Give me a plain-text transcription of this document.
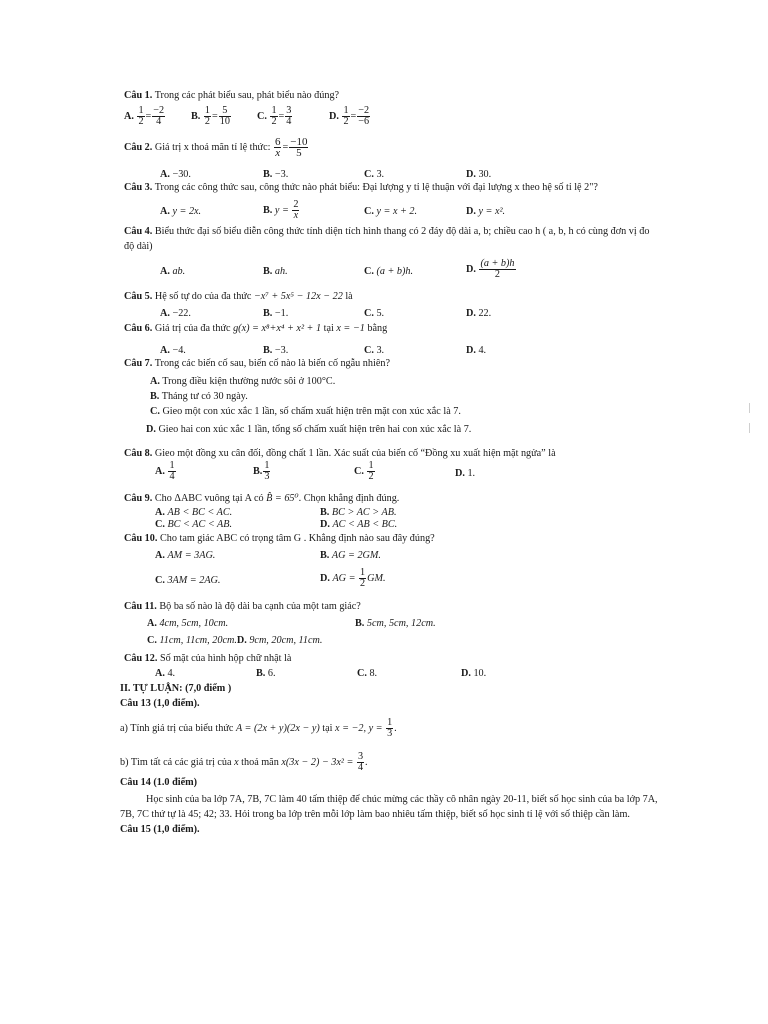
Câu 1. Trong các phát biểu sau, phát biểu nào đúng?
A. $\frac{1}{2} = \frac{-2}{4}$	B. $\frac{1}{2} = \frac{5}{10}$	C. $\frac{1}{2} = \frac{3}{4}$	D. $\frac{1}{2} = \frac{-2}{-6}$
Câu 2. Giá trị x thoả mãn tỉ lệ thức: $\frac{6}{x} = \frac{-10}{5}$
A. −30.	B. −3.	C. 3.	D. 30.
Câu 3. Trong các công thức sau, công thức nào phát biểu: Đại lượng y tỉ lệ thuận với đại lượng x theo hệ số tỉ lệ 2"?
A. y = 2x.	B. $y = \frac{2}{x}$	C. y = x + 2.	D. y = x².
Câu 4. Biểu thức đại số biểu diễn công thức tính diện tích hình thang có 2 đáy độ dài a, b; chiều cao h ( a, b, h có cùng đơn vị đo
độ dài)
A. ab.	B. ah.	C. (a + b)h.	D. $\frac{(a + b)h}{2}$
Câu 5. Hệ số tự do của đa thức −x⁷ + 5x⁵ − 12x − 22 là
A. −22.	B. −1.	C. 5.	D. 22.
Câu 6. Giá trị của đa thức g(x) = x⁸+x⁴ + x² + 1 tại x = −1 bằng
A. −4.	B. −3.	C. 3.	D. 4.
Câu 7. Trong các biến cố sau, biến cố nào là biến cố ngẫu nhiên?
A. Trong điều kiện thường nước sôi ở 100°C.
B. Tháng tư có 30 ngày.
C. Gieo một con xúc xắc 1 lần, số chấm xuất hiện trên mặt con xúc xắc là 7.
D. Gieo hai con xúc xắc 1 lần, tổng số chấm xuất hiện trên hai con xúc xắc là 7.
Câu 8. Gieo một đồng xu cân đối, đồng chất 1 lần. Xác suất của biến cố “Đồng xu xuất hiện mặt ngửa” là
A. $\frac{1}{4}$	B. $\frac{1}{3}$	C. $\frac{1}{2}$	D. 1.
Câu 9. Cho ΔABC vuông tại A có B̂ = 65⁰. Chọn khẳng định đúng.
A. AB < BC < AC.	B. BC > AC > AB.
C. BC < AC < AB.	D. AC < AB < BC.
Câu 10. Cho tam giác ABC có trọng tâm G . Khẳng định nào sau đây đúng?
A. AM = 3AG.	B. AG = 2GM.
C. 3AM = 2AG.	D. AG = $\frac{1}{2}$ GM.
Câu 11. Bộ ba số nào là độ dài ba cạnh của một tam giác?
A. 4cm, 5cm, 10cm.	B. 5cm, 5cm, 12cm.
C. 11cm, 11cm, 20cm.D. 9cm, 20cm, 11cm.
Câu 12. Số mặt của hình hộp chữ nhật là
A. 4.	B. 6.	C. 8.	D. 10.
II. TỰ LUẬN: (7,0 điểm )
Câu 13 (1,0 điểm).
a) Tính giá trị của biểu thức A = (2x + y)(2x − y) tại x = −2, $y = \frac{1}{3}$ .
b) Tìm tất cả các giá trị của x thoả mãn $x(3x - 2) - 3x^2 = \frac{3}{4}$ .
Câu 14 (1.0 điểm)
Học sinh của ba lớp 7A, 7B, 7C làm 40 tấm thiệp để chúc mừng các thầy cô nhân ngày 20-11, biết số học sinh của ba lớp 7A,
7B, 7C thứ tự là 45; 42; 33. Hỏi trong ba lớp trên mỗi lớp làm bao nhiêu tấm thiệp, biết số học sinh tỉ lệ với số thiệp cần làm.
Câu 15 (1,0 điểm).
